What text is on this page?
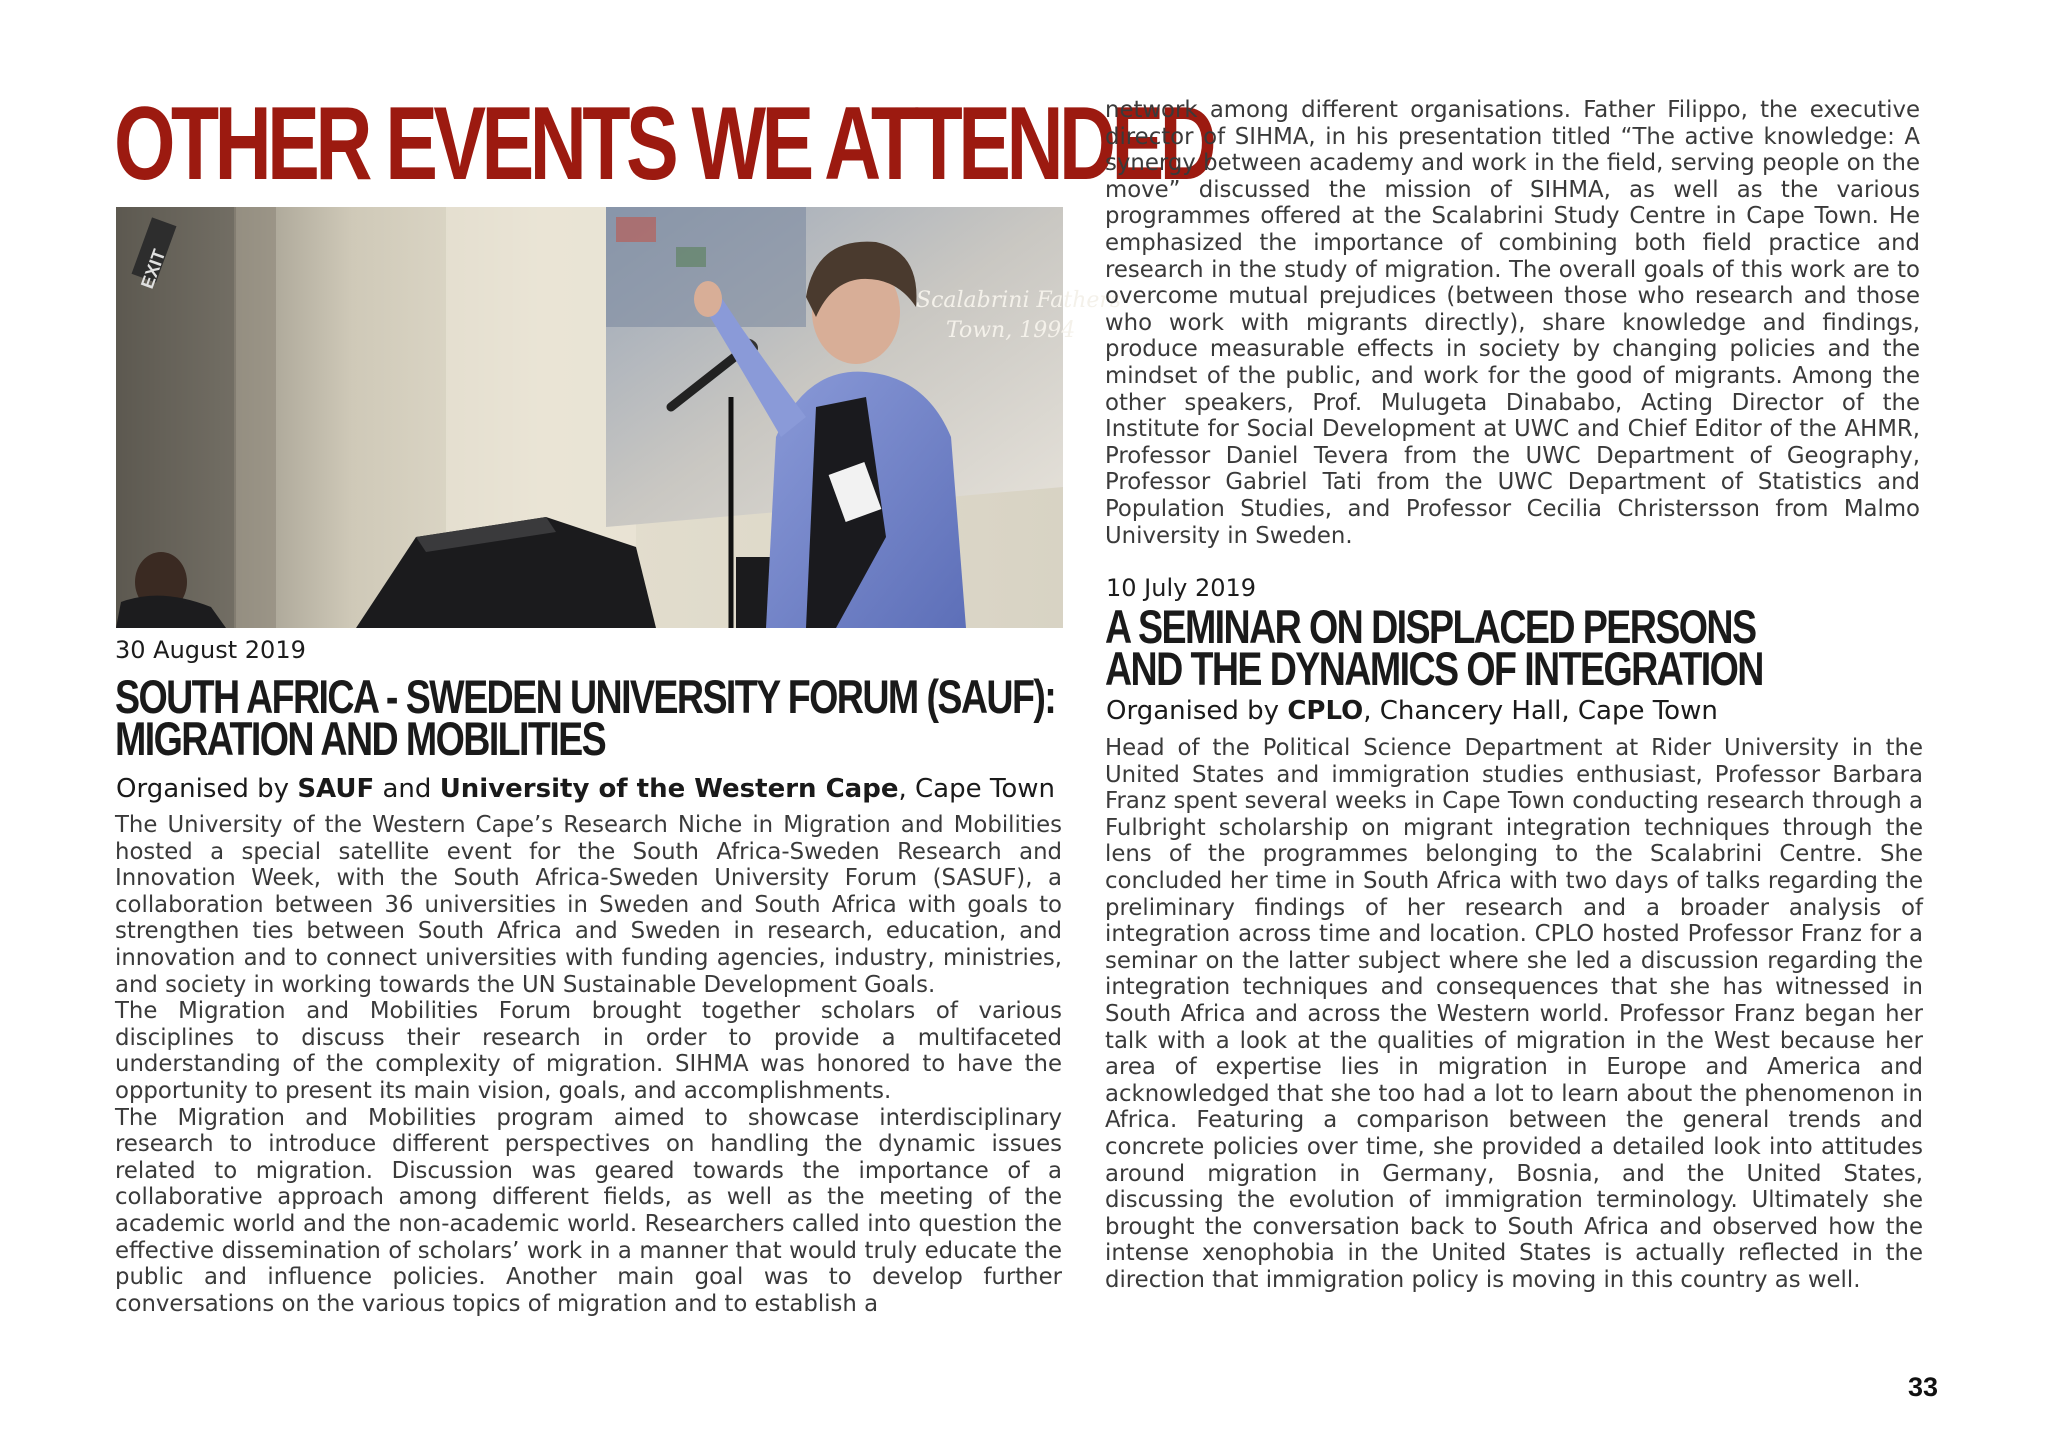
OTHER EVENTS WE ATTENDED
Scalabrini Fathers
Town, 1994
EXIT
30 August 2019
SOUTH AFRICA - SWEDEN UNIVERSITY FORUM (SAUF):
MIGRATION AND MOBILITIES
Organised by SAUF and University of the Western Cape, Cape Town

The University of the Western Cape’s Research Niche in Migration and Mobilities hosted a special satellite event for the South Africa-Sweden Research and Innovation Week, with the South Africa-Sweden University Forum (SASUF), a collaboration between 36 universities in Sweden and South Africa with goals to strengthen ties between South Africa and Sweden in research, education, and innovation and to connect universities with funding agencies, industry, ministries, and society in working towards the UN Sustainable Development Goals.

The Migration and Mobilities Forum brought together scholars of various disciplines to discuss their research in order to provide a multifaceted understanding of the complexity of migration. SIHMA was honored to have the opportunity to present its main vision, goals, and accomplishments.

The Migration and Mobilities program aimed to showcase interdisciplinary research to introduce different perspectives on handling the dynamic issues related to migration. Discussion was geared towards the importance of a collaborative approach among different fields, as well as the meeting of the academic world and the non-academic world. Researchers called into question the effective dissemination of scholars’ work in a manner that would truly educate the public and influence policies. Another main goal was to develop further conversations on the various topics of migration and to establish a

network among different organisations. Father Filippo, the executive director of SIHMA, in his presentation titled “The active knowledge: A synergy between academy and work in the field, serving people on the move” discussed the mission of SIHMA, as well as the various programmes offered at the Scalabrini Study Centre in Cape Town. He emphasized the importance of combining both field practice and research in the study of migration. The overall goals of this work are to overcome mutual prejudices (between those who research and those who work with migrants directly), share knowledge and findings, produce measurable effects in society by changing policies and the mindset of the public, and work for the good of migrants. Among the other speakers, Prof. Mulugeta Dinababo, Acting Director of the Institute for Social Development at UWC and Chief Editor of the AHMR, Professor Daniel Tevera from the UWC Department of Geography, Professor Gabriel Tati from the UWC Department of Statistics and Population Studies, and Professor Cecilia Christersson from Malmo University in Sweden.
10 July 2019
A SEMINAR ON DISPLACED PERSONS
AND THE DYNAMICS OF INTEGRATION
Organised by CPLO, Chancery Hall, Cape Town
Head of the Political Science Department at Rider University in the United States and immigration studies enthusiast, Professor Barbara Franz spent several weeks in Cape Town conducting research through a Fulbright scholarship on migrant integration techniques through the lens of the programmes belonging to the Scalabrini Centre. She concluded her time in South Africa with two days of talks regarding the preliminary findings of her research and a broader analysis of integration across time and location. CPLO hosted Professor Franz for a seminar on the latter subject where she led a discussion regarding the integration techniques and consequences that she has witnessed in South Africa and across the Western world. Professor Franz began her talk with a look at the qualities of migration in the West because her area of expertise lies in migration in Europe and America and acknowledged that she too had a lot to learn about the phenomenon in Africa. Featuring a comparison between the general trends and concrete policies over time, she provided a detailed look into attitudes around migration in Germany, Bosnia, and the United States, discussing the evolution of immigration terminology. Ultimately she brought the conversation back to South Africa and observed how the intense xenophobia in the United States is actually reflected in the direction that immigration policy is moving in this country as well.
33
